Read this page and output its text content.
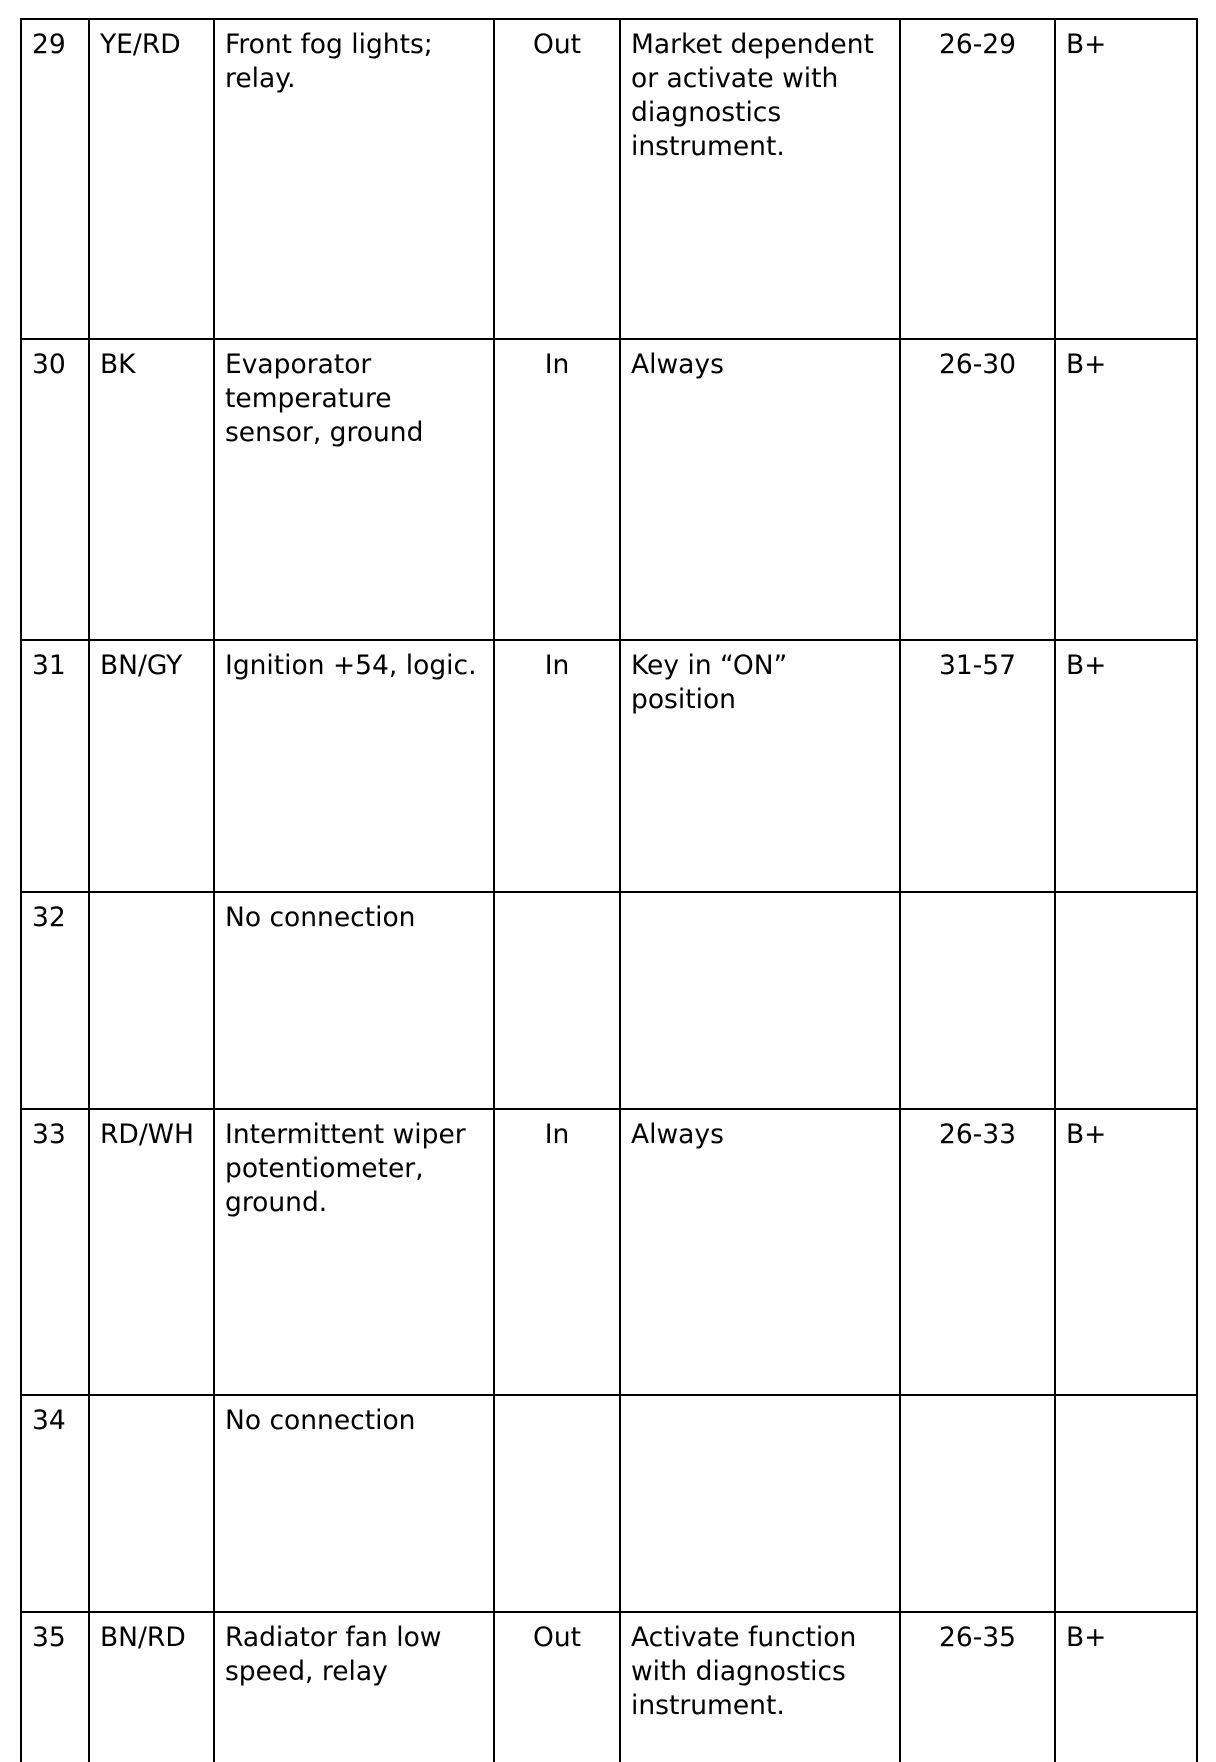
29	YE/RD	Front fog lights; relay.	Out	Market dependent or activate with diagnostics instrument.	26-29	B+
30	BK	Evaporator temperature sensor, ground	In	Always	26-30	B+
31	BN/GY	Ignition +54, logic.	In	Key in “ON” position	31-57	B+
32		No connection				
33	RD/WH	Intermittent wiper potentiometer, ground.	In	Always	26-33	B+
34		No connection				
35	BN/RD	Radiator fan low speed, relay	Out	Activate function with diagnostics instrument.	26-35	B+
